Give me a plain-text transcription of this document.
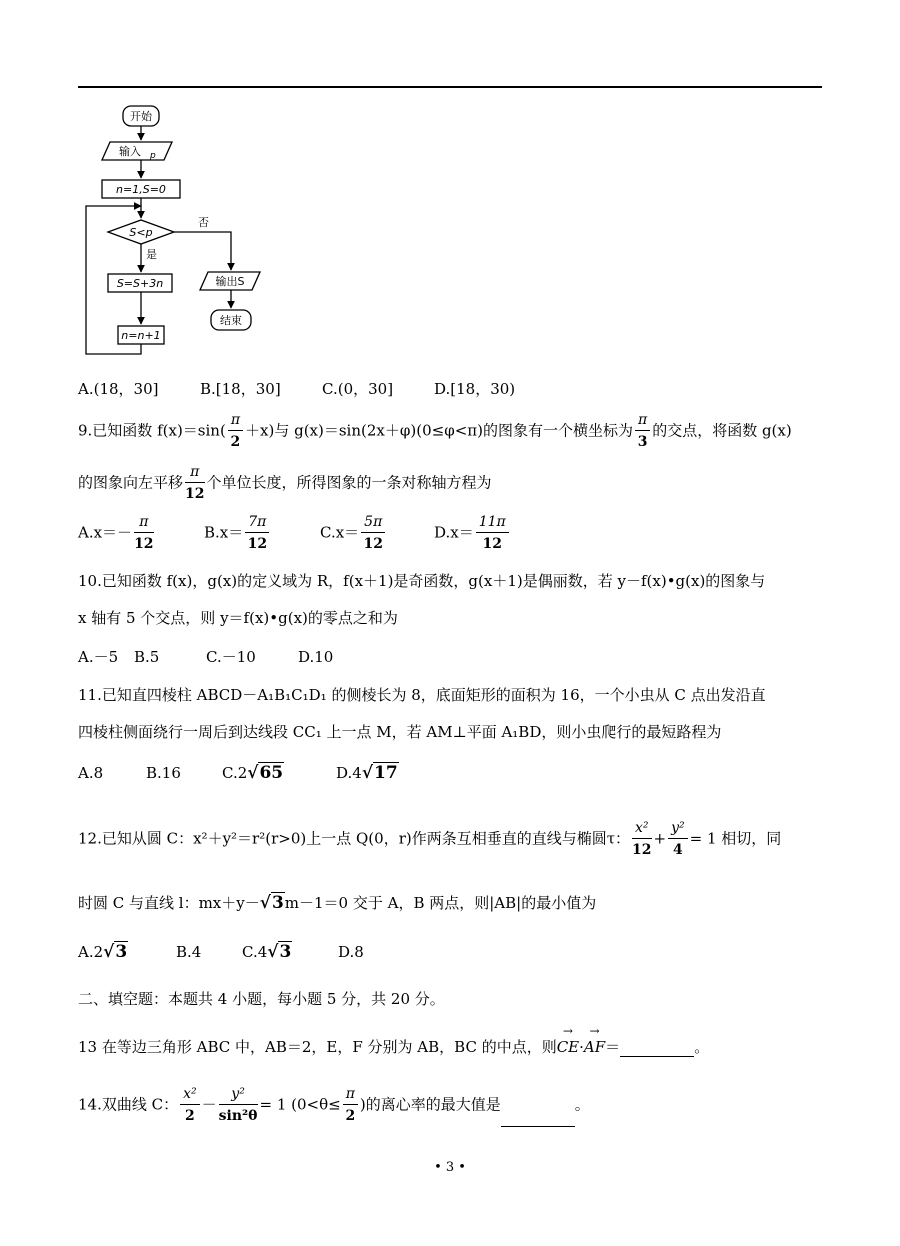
开始
输入 p
n=1,S=0
S<p
是
否
S=S+3n
n=n+1
输出S
结束
A.(18，30]	B.[18，30]	C.(0，30]	D.[18，30)
9.已知函数 $f(x)=\sin( \frac{\pi}{2} +x)$与 g(x)＝sin(2x＋φ)(0≤φ<π)的图象有一个横坐标为 $\frac{\pi}{3}$ 的交点，将函数 g(x)
的图象向左平移 $\frac{\pi}{12}$ 个单位长度，所得图象的一条对称轴方程为
$A.x=- \frac{\pi}{12}$	$B.x= \frac{7\pi}{12}$	$C.x= \frac{5\pi}{12}$	$D.x= \frac{11\pi}{12}$
10.已知函数 f(x)，g(x)的定义域为 R，f(x＋1)是奇函数，g(x＋1)是偶丽数，若 y－f(x)•g(x)的图象与
x 轴有 5 个交点，则 y＝f(x)•g(x)的零点之和为
A.－5 B.5	C.－10	D.10
11.已知直四棱柱 ABCD－A₁B₁C₁D₁ 的侧棱长为 8，底面矩形的面积为 16，一个小虫从 C 点出发沿直
四棱柱侧面绕行一周后到达线段 CC₁ 上一点 M，若 AM⊥平面 A₁BD，则小虫爬行的最短路程为
A.8	B.16	C.2√65	D.4√17
12.已知从圆 C：x²＋y²＝r²(r>0)上一点 Q(0，r)作两条互相垂直的直线与椭圆τ： $\frac{\text{x²}}{12} + \frac{\text{y²}}{4} = 1$ 相切，同
时圆 C 与直线 l：mx＋y－√3m－1＝0 交于 A，B 两点，则|AB|的最小值为
A.2√3	B.4	C.4√3	D.8
二、填空题：本题共 4 小题，每小题 5 分，共 20 分。
13 在等边三角形 ABC 中，AB＝2，E，F 分别为 AB，BC 的中点，则→ CE·→ AF＝	。
14.双曲线 C： $\frac{\text{x²}}{2} - \frac{\text{y²}}{\text{sin²θ}} = 1$ ($0<\theta\le \frac{\pi}{2}$ )的离心率的最大值是	。
• 3 •
